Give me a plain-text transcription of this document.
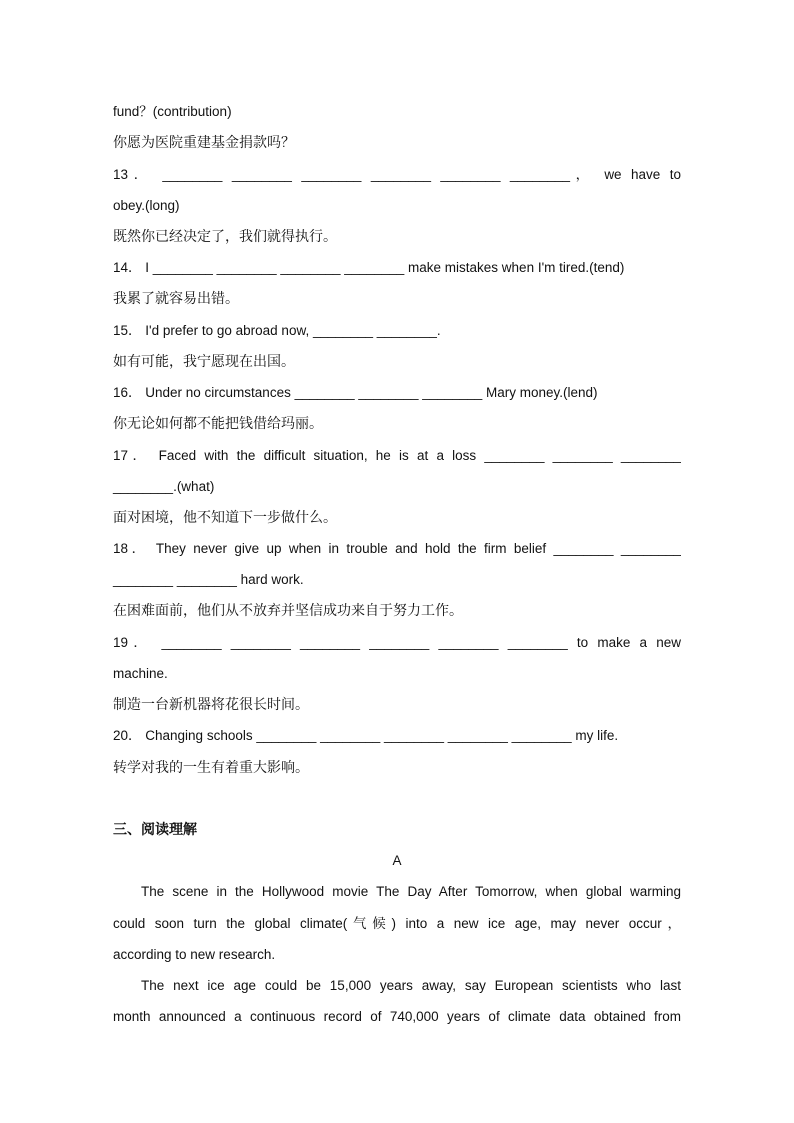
fund？(contribution)
你愿为医院重建基金捐款吗？
13． ________ ________ ________ ________ ________ ________， we have to
obey.(long)
既然你已经决定了，我们就得执行。
14． I ________ ________ ________ ________ make mistakes when I'm tired.(tend)
我累了就容易出错。
15． I'd prefer to go abroad now, ________ ________.
如有可能，我宁愿现在出国。
16． Under no circumstances ________ ________ ________ Mary money.(lend)
你无论如何都不能把钱借给玛丽。
17． Faced with the difficult situation, he is at a loss ________ ________ ________
________.(what)
面对困境，他不知道下一步做什么。
18． They never give up when in trouble and hold the firm belief ________ ________
________ ________ hard work.
在困难面前，他们从不放弃并坚信成功来自于努力工作。
19． ________ ________ ________ ________ ________ ________ to make a new
machine.
制造一台新机器将花很长时间。
20． Changing schools ________ ________ ________ ________ ________ my life.
转学对我的一生有着重大影响。
三、阅读理解
A
The scene in the Hollywood movie The Day After Tomorrow, when global warming
could soon turn the global climate(气候) into a new ice age, may never occur，
according to new research.
The next ice age could be 15,000 years away, say European scientists who last
month announced a continuous record of 740,000 years of climate data obtained from
